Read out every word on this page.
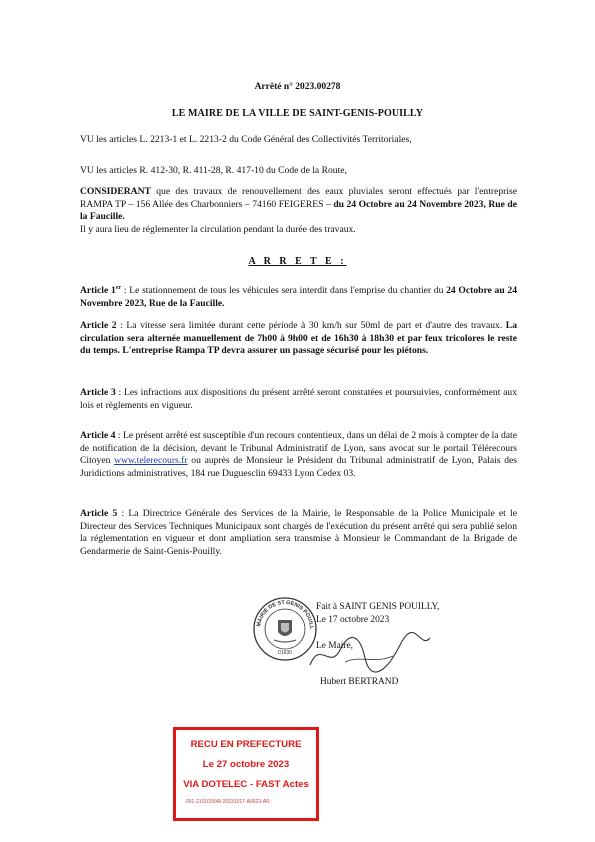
Arrêté n° 2023.00278
LE MAIRE DE LA VILLE DE SAINT-GENIS-POUILLY
VU les articles L. 2213-1 et L. 2213-2 du Code Général des Collectivités Territoriales,
VU les articles R. 412-30, R. 411-28, R. 417-10 du Code de la Route,
CONSIDERANT que des travaux de renouvellement des eaux pluviales seront effectués par l'entreprise RAMPA TP – 156 Allée des Charbonniers – 74160 FEIGERES – du 24 Octobre au 24 Novembre 2023, Rue de la Faucille.
Il y aura lieu de réglementer la circulation pendant la durée des travaux.
A R R E T E :
Article 1er : Le stationnement de tous les véhicules sera interdit dans l'emprise du chantier du 24 Octobre au 24 Novembre 2023, Rue de la Faucille.
Article 2 : La vitesse sera limitée durant cette période à 30 km/h sur 50ml de part et d'autre des travaux. La circulation sera alternée manuellement de 7h00 à 9h00 et de 16h30 à 18h30 et par feux tricolores le reste du temps. L'entreprise Rampa TP devra assurer un passage sécurisé pour les piétons.
Article 3 : Les infractions aux dispositions du présent arrêté seront constatées et poursuivies, conformément aux lois et règlements en vigueur.
Article 4 : Le présent arrêté est susceptible d'un recours contentieux, dans un délai de 2 mois à compter de la date de notification de la décision, devant le Tribunal Administratif de Lyon, sans avocat sur le portail Télérecours Citoyen www.telerecours.fr ou auprès de Monsieur le Président du Tribunal administratif de Lyon, Palais des Juridictions administratives, 184 rue Duguesclin 69433 Lyon Cedex 03.
Article 5 : La Directrice Générale des Services de la Mairie, le Responsable de la Police Municipale et le Directeur des Services Techniques Municipaux sont chargés de l'exécution du présent arrêté qui sera publié selon la réglementation en vigueur et dont ampliation sera transmise à Monsieur le Commandant de la Brigade de Gendarmerie de Saint-Genis-Pouilly.
MAIRIE DE ST GENIS POUILL
01630
Fait à SAINT GENIS POUILLY,
Le 17 octobre 2023
Le Maire,
Hubert BERTRAND
RECU EN PREFECTURE
Le 27 octobre 2023
VIA DOTELEC - FAST Actes
001-210103548-20231017-A0023-AR
